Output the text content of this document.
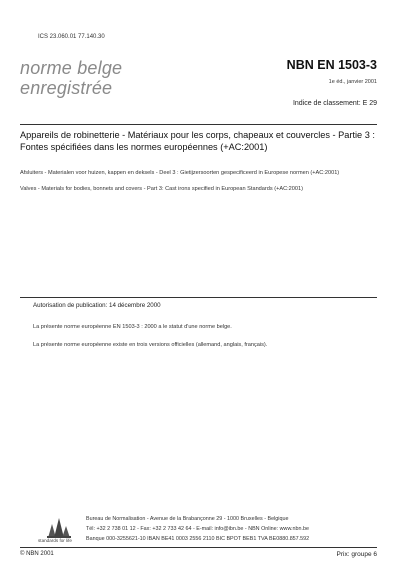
ICS 23.060.01 77.140.30
norme belge
enregistrée
NBN EN 1503-3
1e éd., janvier 2001
Indice de classement: E 29
Appareils de robinetterie - Matériaux pour les corps, chapeaux et couvercles - Partie 3 : Fontes spécifiées dans les normes européennes (+AC:2001)
Afsluiters - Materialen voor huizen, kappen en deksels - Deel 3 : Gietijzersoorten gespecificeerd in Europese normen (+AC:2001)
Valves - Materials for bodies, bonnets and covers - Part 3: Cast irons specified in European Standards (+AC:2001)
Autorisation de publication: 14 décembre 2000
La présente norme européenne EN 1503-3 : 2000 a le statut d'une norme belge.
La présente norme européenne existe en trois versions officielles (allemand, anglais, français).
standards for life
Bureau de Normalisation - Avenue de la Brabançonne 29 - 1000 Bruxelles - Belgique
Tél: +32 2 738 01 12 - Fax: +32 2 733 42 64 - E-mail: info@ibn.be - NBN Online: www.nbn.be
Banque 000-3255621-10 IBAN BE41 0003 2556 2110 BIC BPOT BEB1 TVA BE0880.857.592
© NBN 2001	Prix: groupe 6
